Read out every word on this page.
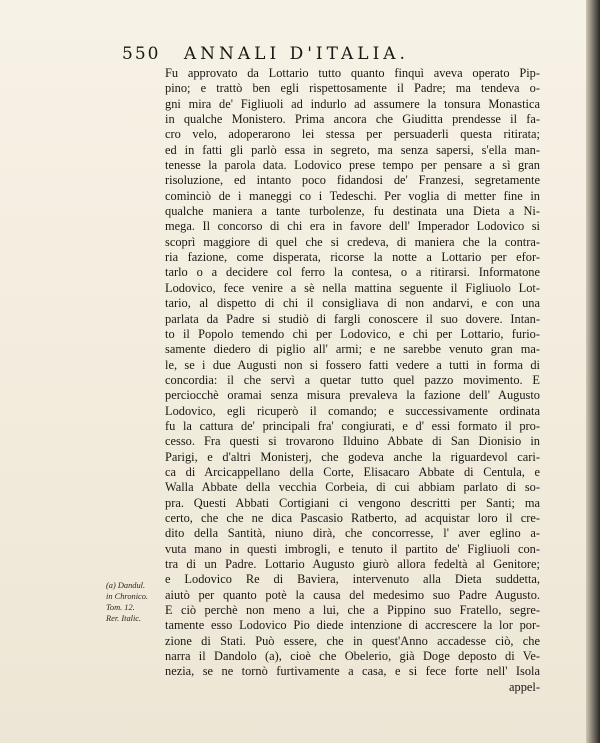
550 ANNALI D'ITALIA.
Fu approvato da Lottario tutto quanto finquì aveva operato Pip-
pino; e trattò ben egli rispettosamente il Padre; ma tendeva o-
gni mira de' Figliuoli ad indurlo ad assumere la tonsura Monastica
in qualche Monistero. Prima ancora che Giuditta prendesse il fa-
cro velo, adoperarono lei stessa per persuaderli questa ritirata;
ed in fatti gli parlò essa in segreto, ma senza sapersi, s'ella man-
tenesse la parola data. Lodovico prese tempo per pensare a sì gran
risoluzione, ed intanto poco fidandosi de' Franzesi, segretamente
cominciò de i maneggi co i Tedeschi. Per voglia di metter fine in
qualche maniera a tante turbolenze, fu destinata una Dieta a Ni-
mega. Il concorso di chi era in favore dell' Imperador Lodovico si
scoprì maggiore di quel che si credeva, di maniera che la contra-
ria fazione, come disperata, ricorse la notte a Lottario per efor-
tarlo o a decidere col ferro la contesa, o a ritirarsi. Informatone
Lodovico, fece venire a sè nella mattina seguente il Figliuolo Lot-
tario, al dispetto di chi il consigliava di non andarvi, e con una
parlata da Padre si studiò di fargli conoscere il suo dovere. Intan-
to il Popolo temendo chi per Lodovico, e chi per Lottario, furio-
samente diedero di piglio all' armi; e ne sarebbe venuto gran ma-
le, se i due Augusti non si fossero fatti vedere a tutti in forma di
concordia: il che servì a quetar tutto quel pazzo movimento. E
perciocchè oramai senza misura prevaleva la fazione dell' Augusto
Lodovico, egli ricuperò il comando; e successivamente ordinata
fu la cattura de' principali fra' congiurati, e d' essi formato il pro-
cesso. Fra questi si trovarono Ilduino Abbate di San Dionisio in
Parigi, e d'altri Monisterj, che godeva anche la riguardevol cari-
ca di Arcicappellano della Corte, Elisacaro Abbate di Centula, e
Walla Abbate della vecchia Corbeia, di cui abbiam parlato di so-
pra. Questi Abbati Cortigiani ci vengono descritti per Santi; ma
certo, che che ne dica Pascasio Ratberto, ad acquistar loro il cre-
dito della Santità, niuno dirà, che concorresse, l' aver eglino a-
vuta mano in questi imbrogli, e tenuto il partito de' Figliuoli con-
tra di un Padre. Lottario Augusto giurò allora fedeltà al Genitore;
e Lodovico Re di Baviera, intervenuto alla Dieta suddetta,
aiutò per quanto potè la causa del medesimo suo Padre Augusto.
E ciò perchè non meno a lui, che a Pippino suo Fratello, segre-
tamente esso Lodovico Pio diede intenzione di accrescere la lor por-
zione di Stati. Può essere, che in quest'Anno accadesse ciò, che
narra il Dandolo (a), cioè che Obelerio, già Doge deposto di Ve-
nezia, se ne tornò furtivamente a casa, e si fece forte nell' Isola
appel-
(a) Dandul.
in Chronico.
Tom. 12.
Rer. Italic.
